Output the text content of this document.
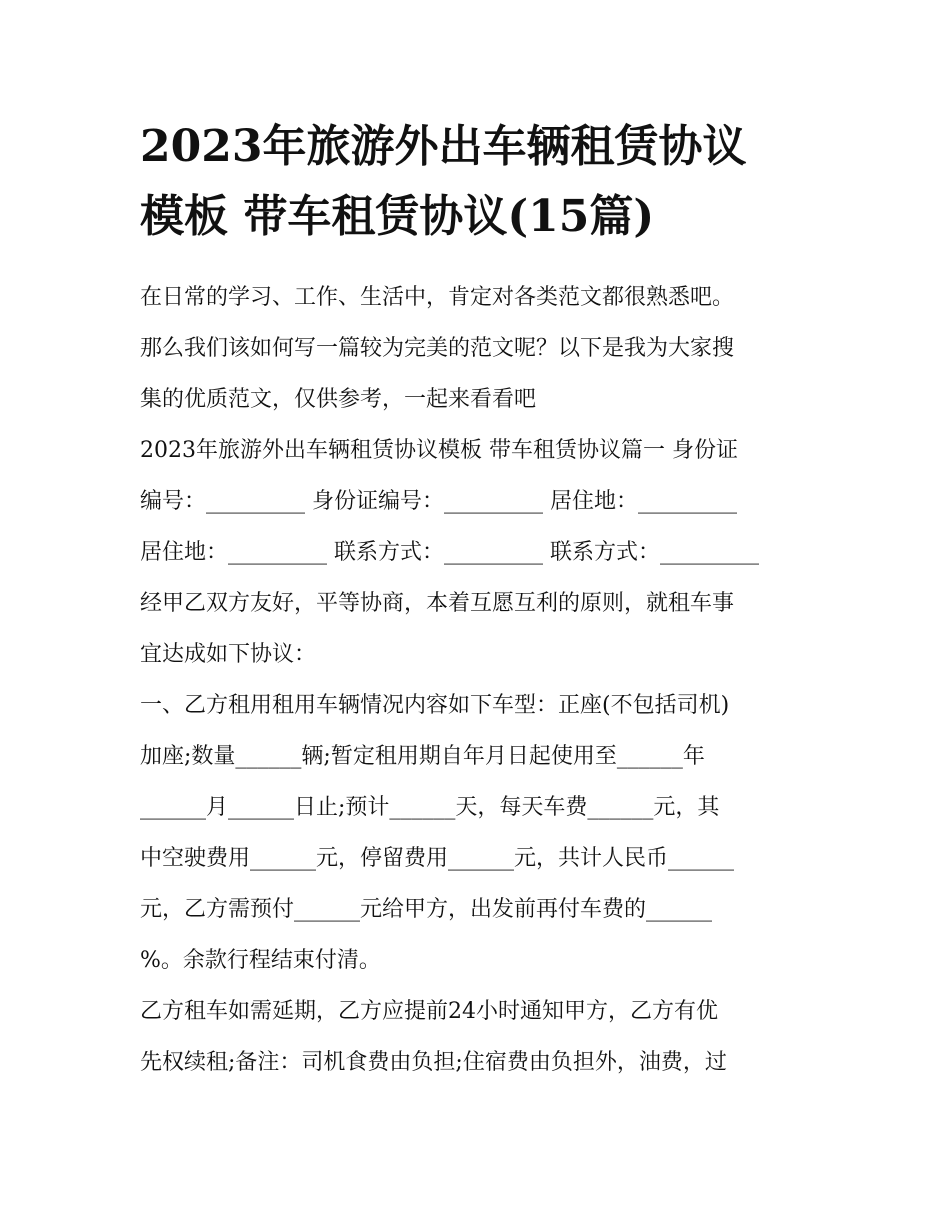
2023年旅游外出车辆租赁协议
模板 带车租赁协议(15篇)
在日常的学习、工作、生活中，肯定对各类范文都很熟悉吧。
那么我们该如何写一篇较为完美的范文呢？以下是我为大家搜
集的优质范文，仅供参考，一起来看看吧
2023年旅游外出车辆租赁协议模板 带车租赁协议篇一 身份证
编号：_________ 身份证编号：_________ 居住地：_________
居住地：_________ 联系方式：_________ 联系方式：_________
经甲乙双方友好，平等协商，本着互愿互利的原则，就租车事
宜达成如下协议：
一、乙方租用租用车辆情况内容如下车型：正座(不包括司机)
加座;数量______辆;暂定租用期自年月日起使用至______年
______月______日止;预计______天，每天车费______元，其
中空驶费用______元，停留费用______元，共计人民币______
元，乙方需预付______元给甲方，出发前再付车费的______
%。余款行程结束付清。
乙方租车如需延期，乙方应提前24小时通知甲方，乙方有优
先权续租;备注：司机食费由负担;住宿费由负担外，油费，过
